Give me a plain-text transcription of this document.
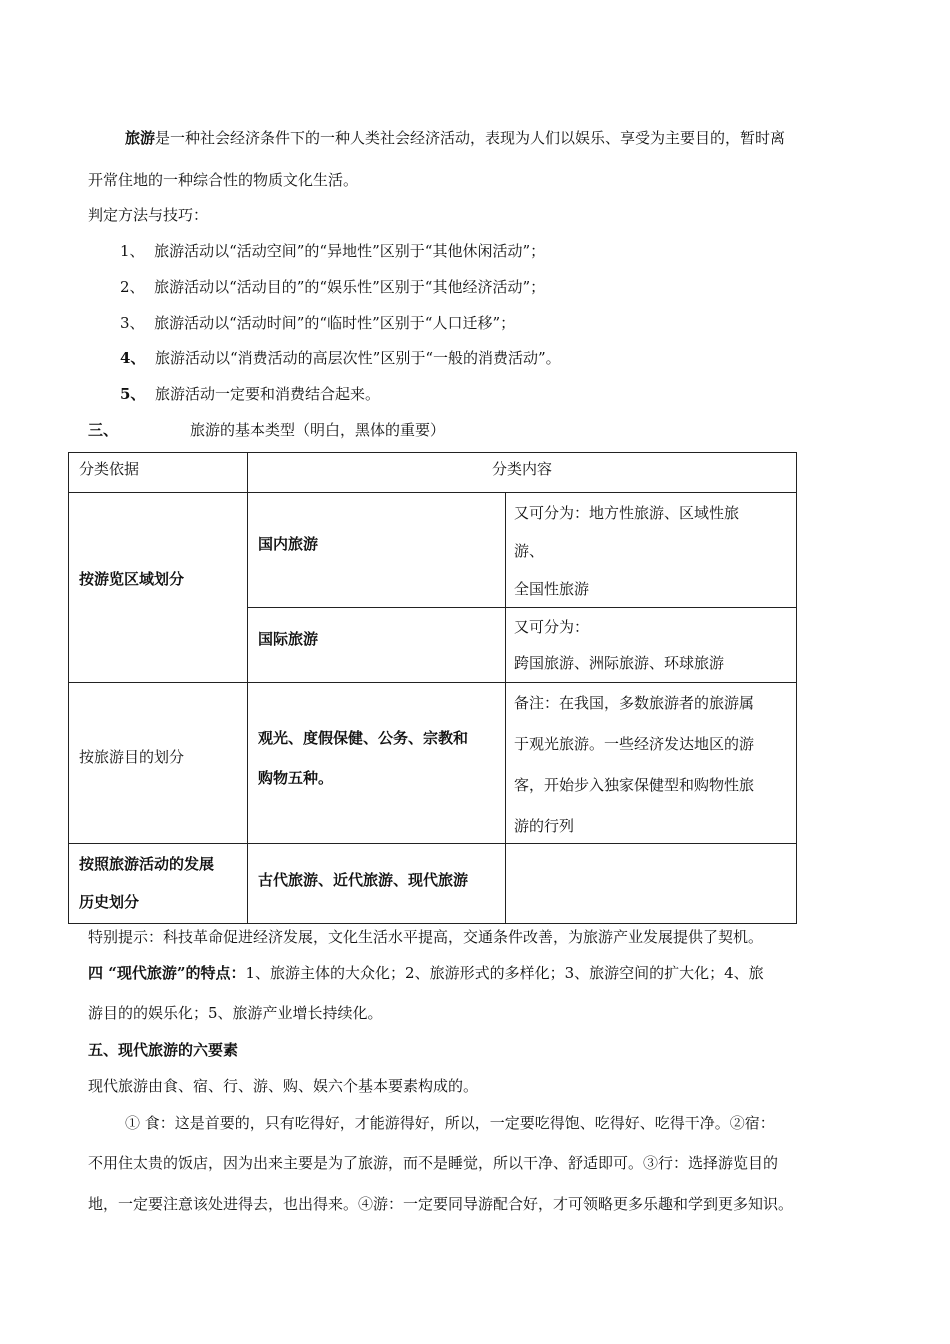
旅游是一种社会经济条件下的一种人类社会经济活动，表现为人们以娱乐、享受为主要目的，暂时离
开常住地的一种综合性的物质文化生活。
判定方法与技巧：
1、 旅游活动以“活动空间”的“异地性”区别于“其他休闲活动”；
2、 旅游活动以“活动目的”的“娱乐性”区别于“其他经济活动”；
3、 旅游活动以“活动时间”的“临时性”区别于“人口迁移”；
4、 旅游活动以“消费活动的高层次性”区别于“一般的消费活动”。
5、 旅游活动一定要和消费结合起来。
三、	旅游的基本类型（明白，黑体的重要）

分类依据	分类内容

按游览区域划分

国内旅游

又可分为：地方性旅游、区域性旅

游、

全国性旅游

国际旅游

又可分为：

跨国旅游、洲际旅游、环球旅游

按旅游目的划分

观光、度假保健、公务、宗教和

购物五种。

备注：在我国，多数旅游者的旅游属

于观光旅游。一些经济发达地区的游

客，开始步入独家保健型和购物性旅

游的行列

按照旅游活动的发展

历史划分

古代旅游、近代旅游、现代旅游

特别提示：科技革命促进经济发展，文化生活水平提高，交通条件改善，为旅游产业发展提供了契机。
四 “现代旅游”的特点：1、旅游主体的大众化；2、旅游形式的多样化；3、旅游空间的扩大化；4、旅
游目的的娱乐化；5、旅游产业增长持续化。
五、现代旅游的六要素
现代旅游由食、宿、行、游、购、娱六个基本要素构成的。
① 食：这是首要的，只有吃得好，才能游得好，所以，一定要吃得饱、吃得好、吃得干净。②宿：
不用住太贵的饭店，因为出来主要是为了旅游，而不是睡觉，所以干净、舒适即可。③行：选择游览目的
地，一定要注意该处进得去，也出得来。④游：一定要同导游配合好，才可领略更多乐趣和学到更多知识。
